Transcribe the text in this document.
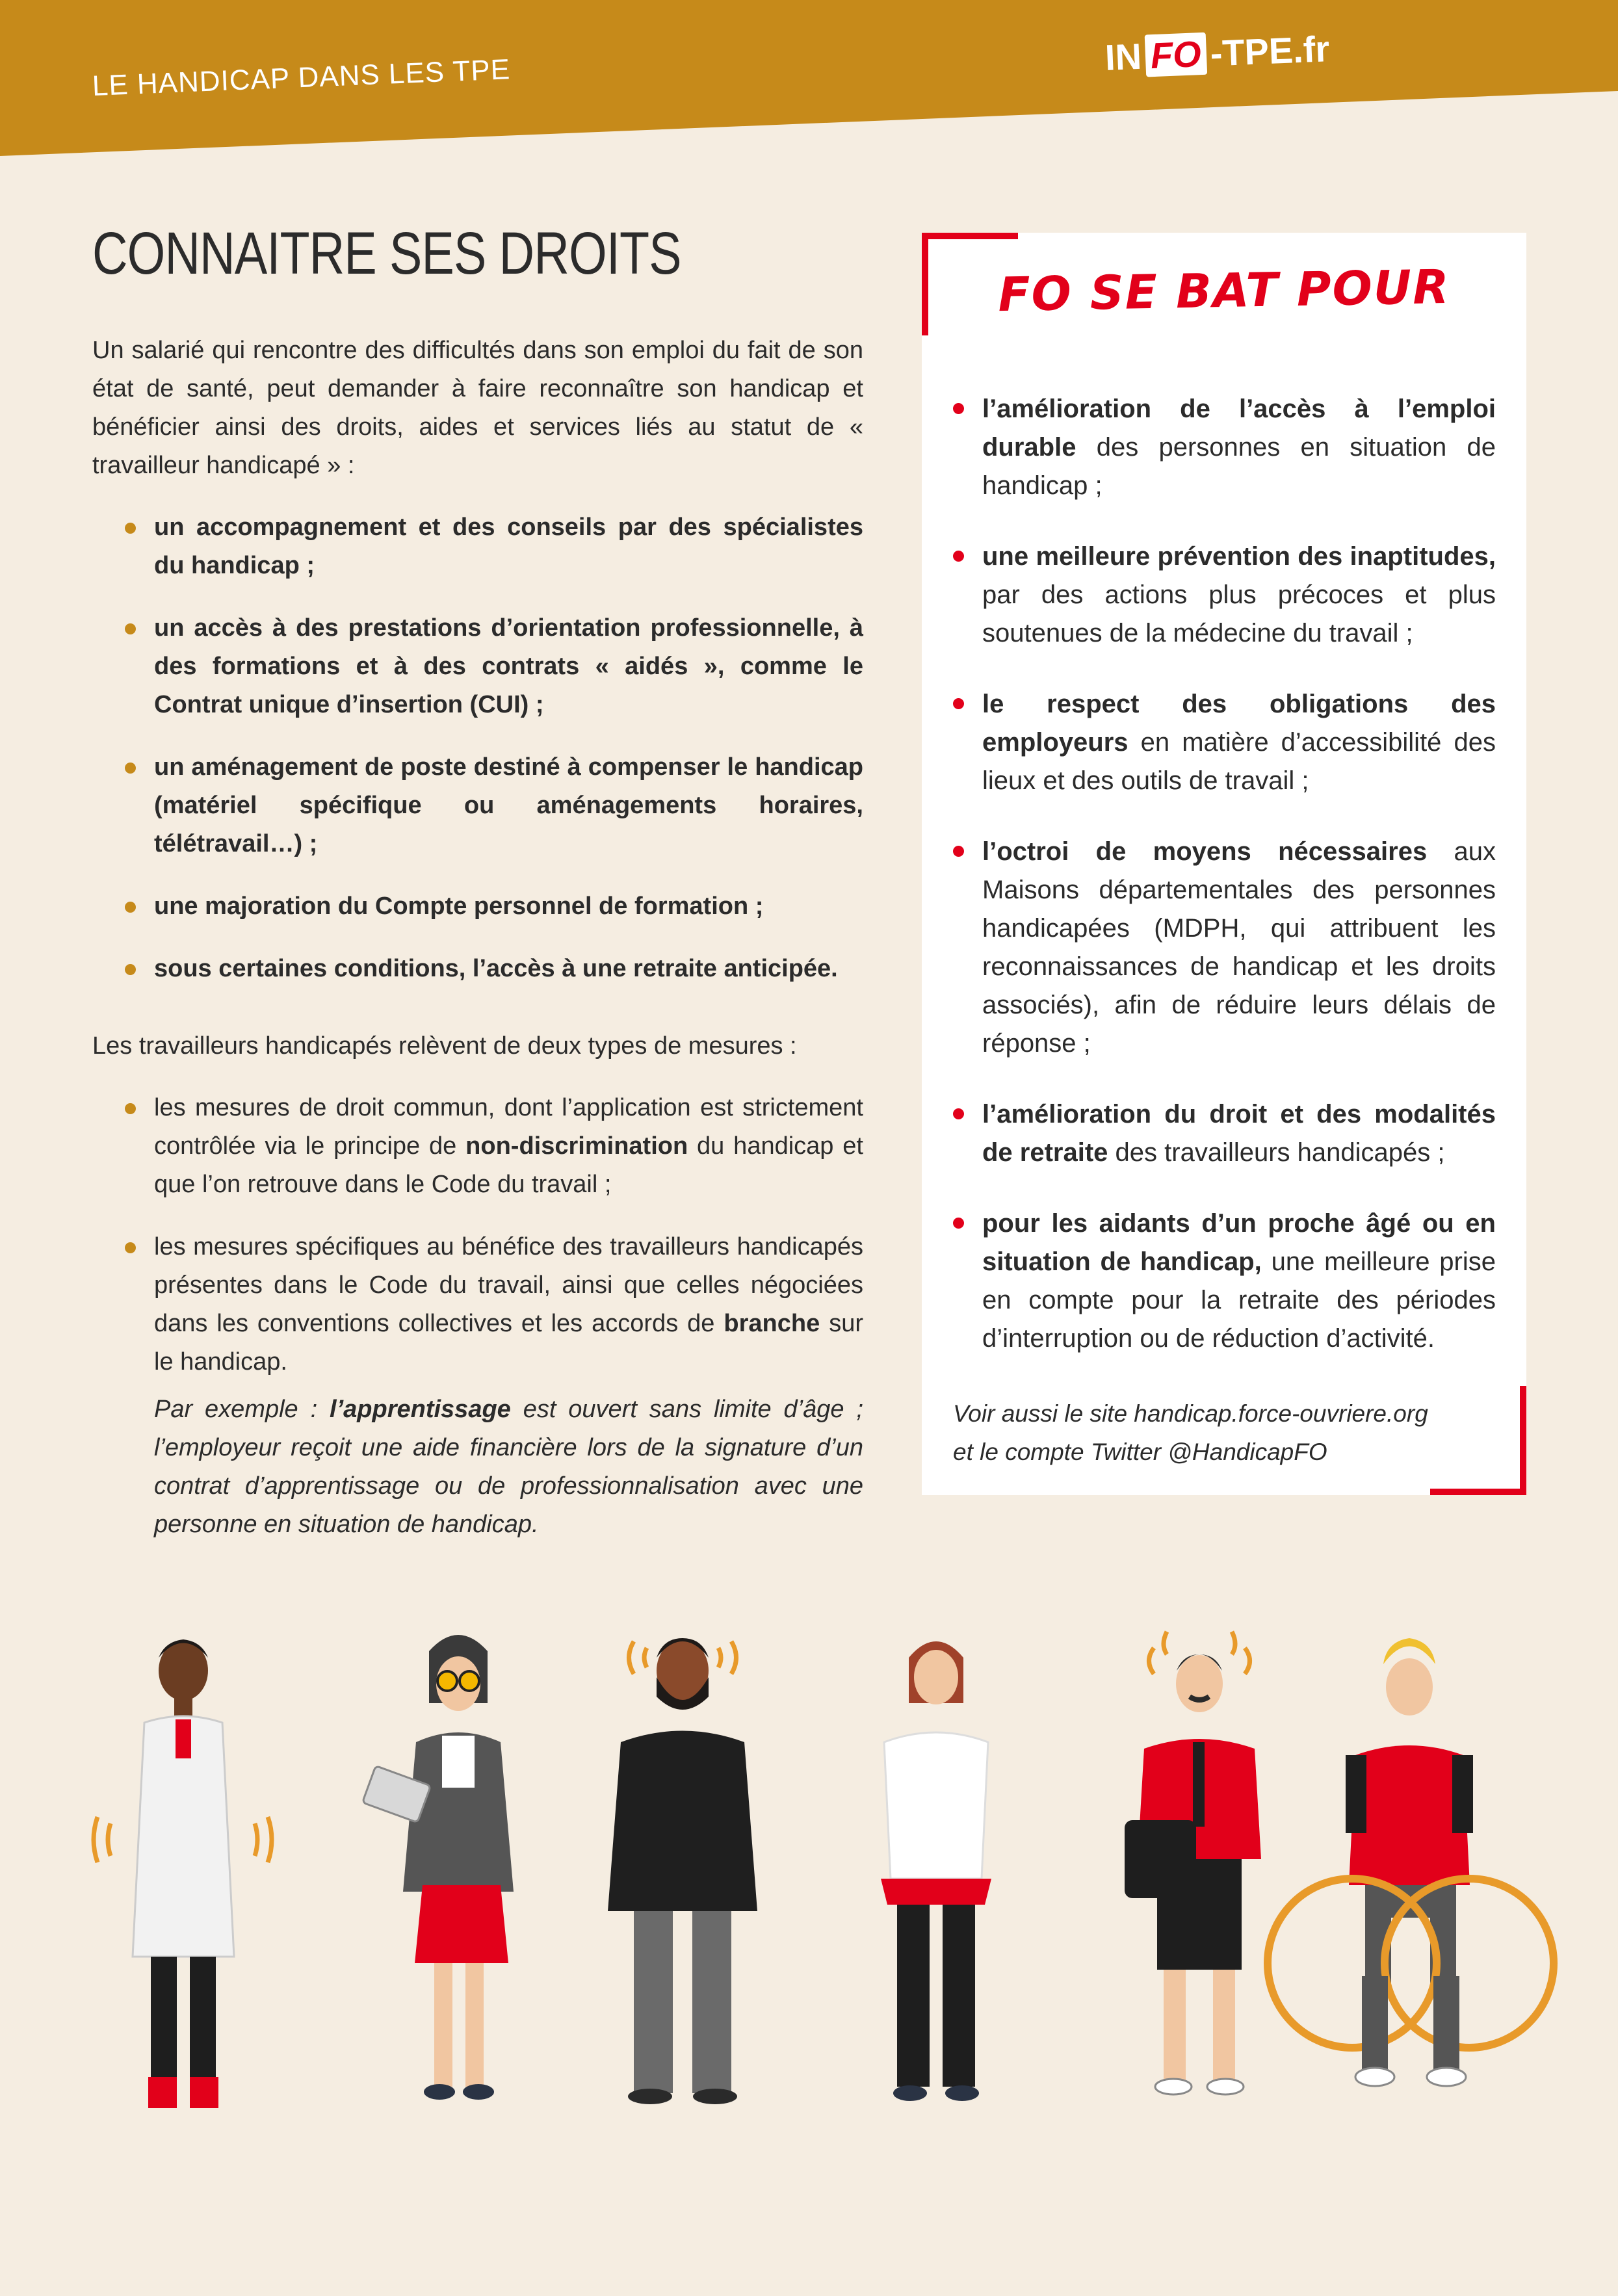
LE HANDICAP DANS LES TPE	IN FO -TPE.fr
CONNAITRE SES DROITS

Un salarié qui rencontre des difficultés dans son emploi du fait de son état de santé, peut demander à faire reconnaître son handicap et bénéficier ainsi des droits, aides et services liés au statut de « travailleur handicapé » :

un accompagnement et des conseils par des spécialistes du handicap ;
un accès à des prestations d’orientation professionnelle, à des formations et à des contrats « aidés », comme le Contrat unique d’insertion (CUI) ;
un aménagement de poste destiné à compenser le handicap (matériel spécifique ou aménagements horaires, télétravail…) ;
une majoration du Compte personnel de formation ;
sous certaines conditions, l’accès à une retraite anticipée.

Les travailleurs handicapés relèvent de deux types de mesures :

les mesures de droit commun, dont l’application est strictement contrôlée via le principe de non-discrimination du handicap et que l’on retrouve dans le Code du travail ;
les mesures spécifiques au bénéfice des travailleurs handicapés présentes dans le Code du travail, ainsi que celles négociées dans les conventions collectives et les accords de branche sur le handicap.

Par exemple : l’apprentissage est ouvert sans limite d’âge ; l’employeur reçoit une aide financière lors de la signature d’un contrat d’apprentissage ou de professionnalisation avec une personne en situation de handicap.

FO SE BAT POUR
l’amélioration de l’accès à l’emploi durable des personnes en situation de handicap ;
une meilleure prévention des inaptitudes, par des actions plus précoces et plus soutenues de la médecine du travail ;
le respect des obligations des employeurs en matière d’accessibilité des lieux et des outils de travail ;
l’octroi de moyens nécessaires aux Maisons départementales des personnes handicapées (MDPH, qui attribuent les reconnaissances de handicap et les droits associés), afin de réduire leurs délais de réponse ;
l’amélioration du droit et des modalités de retraite des travailleurs handicapés ;
pour les aidants d’un proche âgé ou en situation de handicap, une meilleure prise en compte pour la retraite des périodes d’interruption ou de réduction d’activité.

Voir aussi le site handicap.force-ouvriere.org

et le compte Twitter @HandicapFO
